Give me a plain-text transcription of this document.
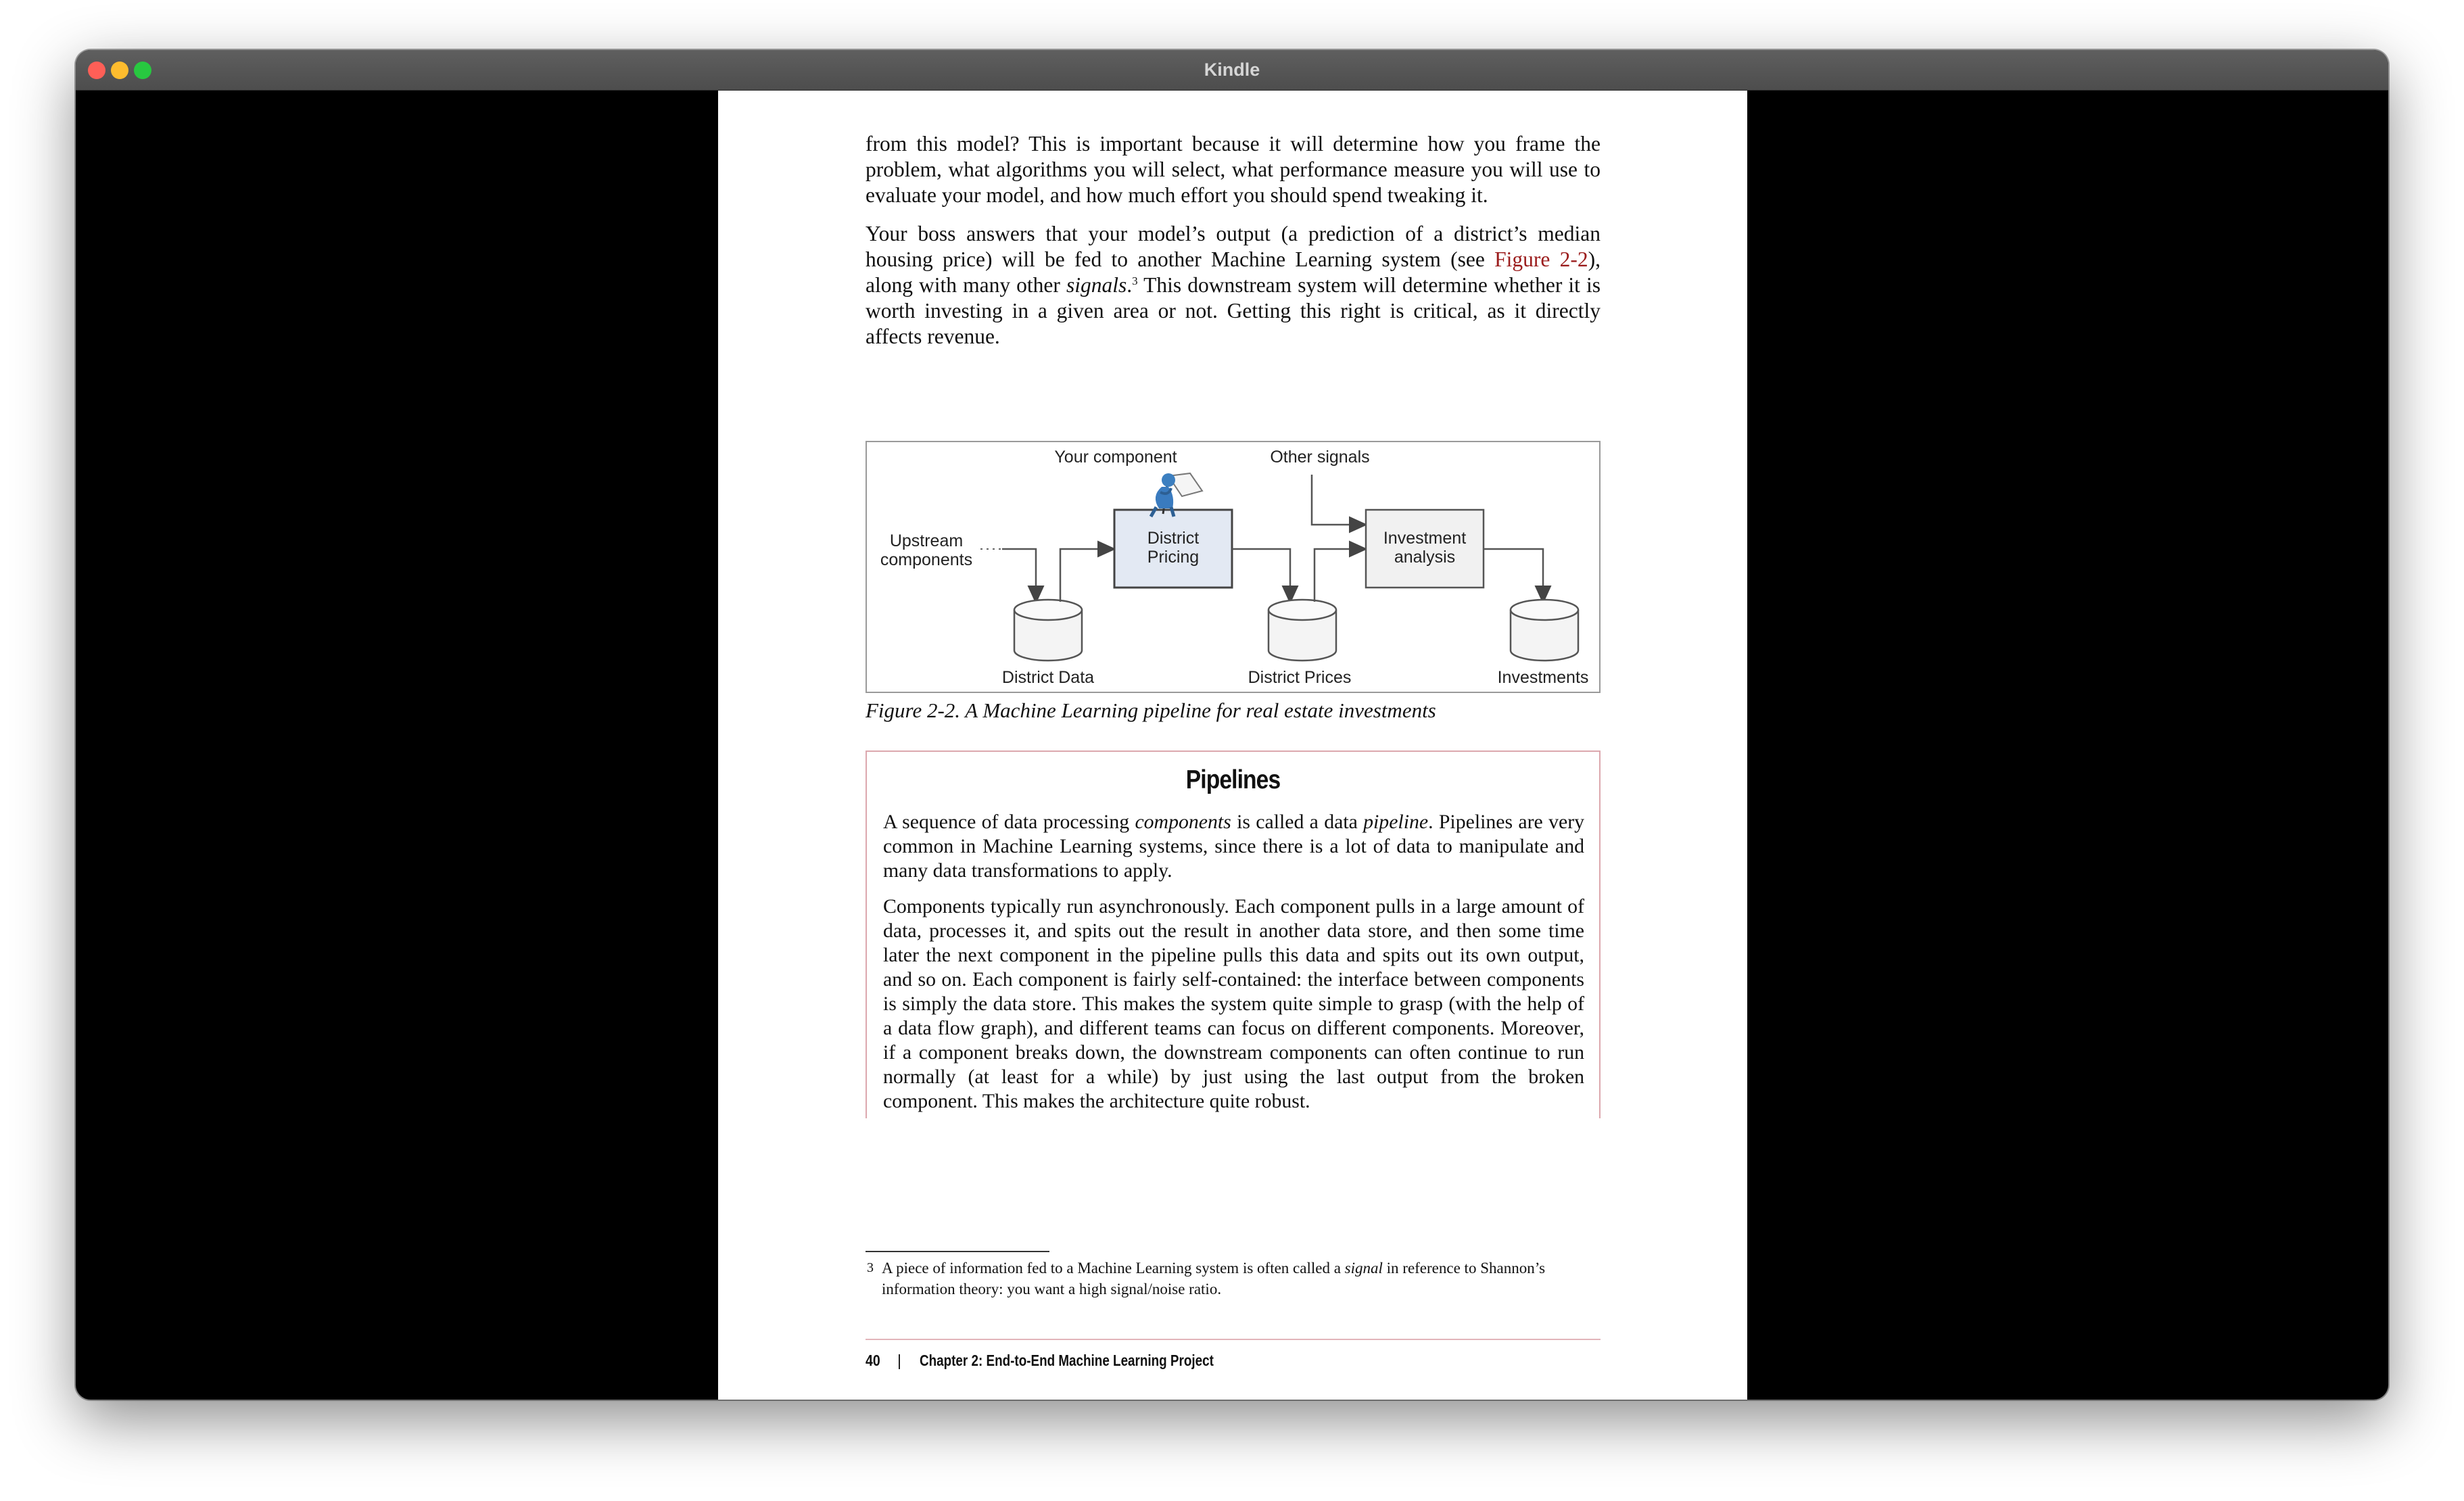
Kindle
from this model? This is important because it will determine how you frame the problem, what algorithms you will select, what performance measure you will use to evaluate your model, and how much effort you should spend tweaking it.
Your boss answers that your model’s output (a prediction of a district’s median housing price) will be fed to another Machine Learning system (see Figure 2-2), along with many other signals.$^3$ This downstream system will determine whether it is worth investing in a given area or not. Getting this right is critical, as it directly affects revenue.
Your component	Other signals
Upstream
components
District Data
District
Pricing
District Prices
Investment
analysis
Investments
Figure 2-2. A Machine Learning pipeline for real estate investments
Pipelines
A sequence of data processing components is called a data pipeline. Pipelines are very common in Machine Learning systems, since there is a lot of data to manipulate and many data transformations to apply.
Components typically run asynchronously. Each component pulls in a large amount of data, processes it, and spits out the result in another data store, and then some time later the next component in the pipeline pulls this data and spits out its own output, and so on. Each component is fairly self-contained: the interface between components is simply the data store. This makes the system quite simple to grasp (with the help of a data flow graph), and different teams can focus on different components. Moreover, if a component breaks down, the downstream components can often continue to run normally (at least for a while) by just using the last output from the broken component. This makes the architecture quite robust.
3 A piece of information fed to a Machine Learning system is often called a signal in reference to Shannon’s information theory: you want a high signal/noise ratio.
40 | Chapter 2: End-to-End Machine Learning Project
